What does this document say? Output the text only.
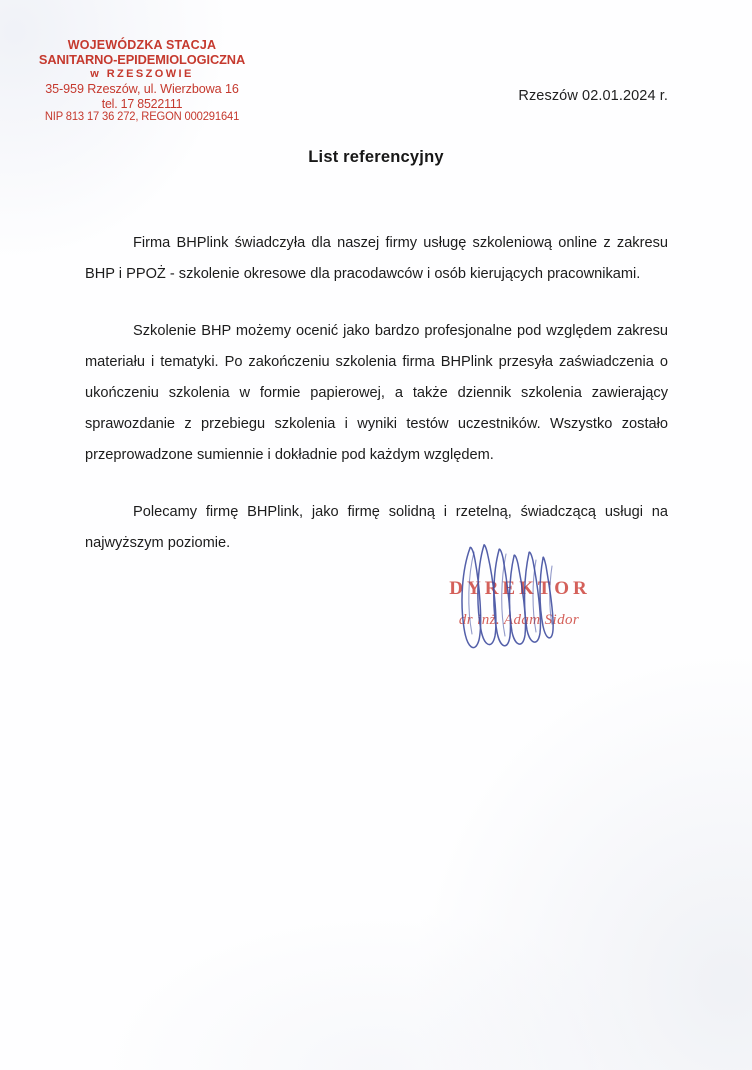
WOJEWÓDZKA STACJA
SANITARNO-EPIDEMIOLOGICZNA
w RZESZOWIE
35-959 Rzeszów, ul. Wierzbowa 16
tel. 17 8522111
NIP 813 17 36 272, REGON 000291641
Rzeszów 02.01.2024 r.
List referencyjny

Firma BHPlink świadczyła dla naszej firmy usługę szkoleniową online z zakresu BHP i PPOŻ - szkolenie okresowe dla pracodawców i osób kierujących pracownikami.

Szkolenie BHP możemy ocenić jako bardzo profesjonalne pod względem zakresu materiału i tematyki. Po zakończeniu szkolenia firma BHPlink przesyła zaświadczenia o ukończeniu szkolenia w formie papierowej, a także dziennik szkolenia zawierający sprawozdanie z przebiegu szkolenia i wyniki testów uczestników. Wszystko zostało przeprowadzone sumiennie i dokładnie pod każdym względem.

Polecamy firmę BHPlink, jako firmę solidną i rzetelną, świadczącą usługi na najwyższym poziomie.

DYREKTOR
dr inż. Adam Sidor
